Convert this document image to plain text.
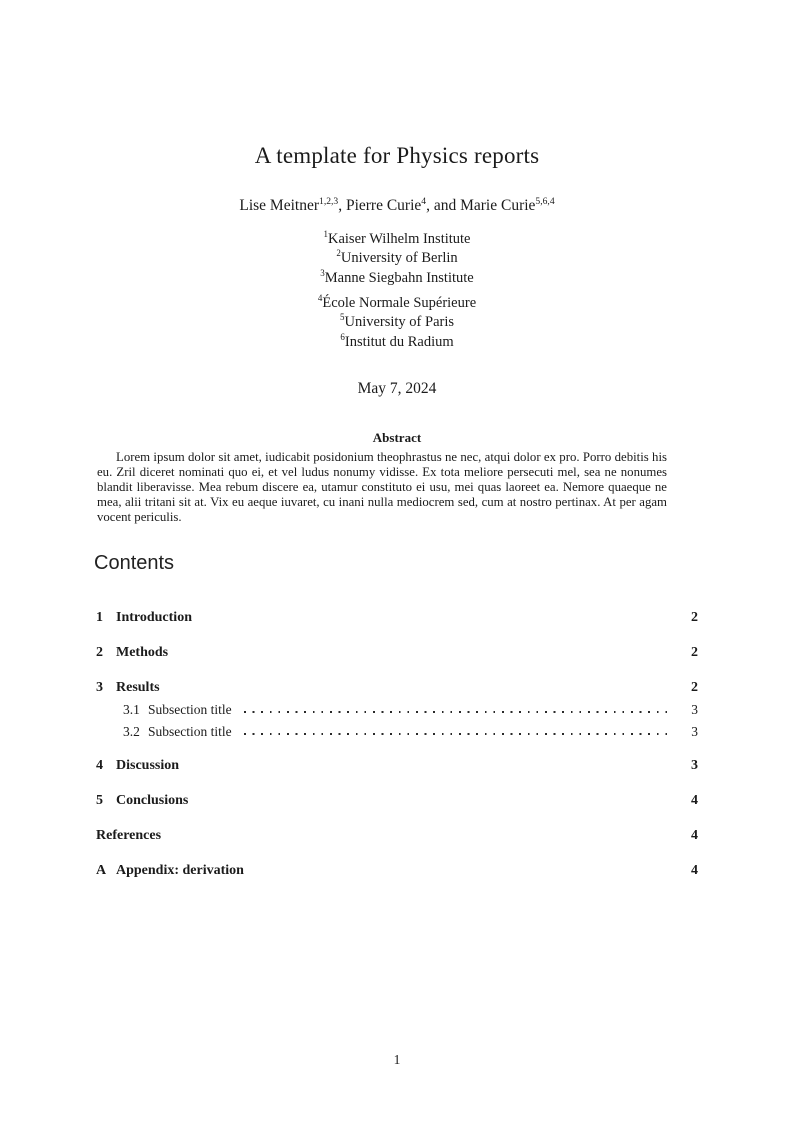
A template for Physics reports

Lise Meitner$^{1,2,3}$, Pierre Curie$^4$, and Marie Curie$^{5,6,4}$

$^1$Kaiser Wilhelm Institute
$^2$University of Berlin
$^3$Manne Siegbahn Institute
$^4$École Normale Supérieure
$^5$University of Paris
$^6$Institut du Radium

May 7, 2024

Abstract

Lorem ipsum dolor sit amet, iudicabit posidonium theophrastus ne nec, atqui dolor ex pro. Porro debitis his eu. Zril diceret nominati quo ei, et vel ludus nonumy vidisse. Ex tota meliore persecuti mel, sea ne nonumes blandit liberavisse. Mea rebum discere ea, utamur constituto ei usu, mei quas laoreet ea. Nemore quaeque ne mea, alii tritani sit at. Vix eu aeque iuvaret, cu inani nulla mediocrem sed, cum at nostro pertinax. At per agam vocent periculis.

Contents
1 Introduction	2
2 Methods	2
3 Results	2
3.1 Subsection title	3
3.2 Subsection title	3
4 Discussion	3
5 Conclusions	4
References	4
A Appendix: derivation	4
1
